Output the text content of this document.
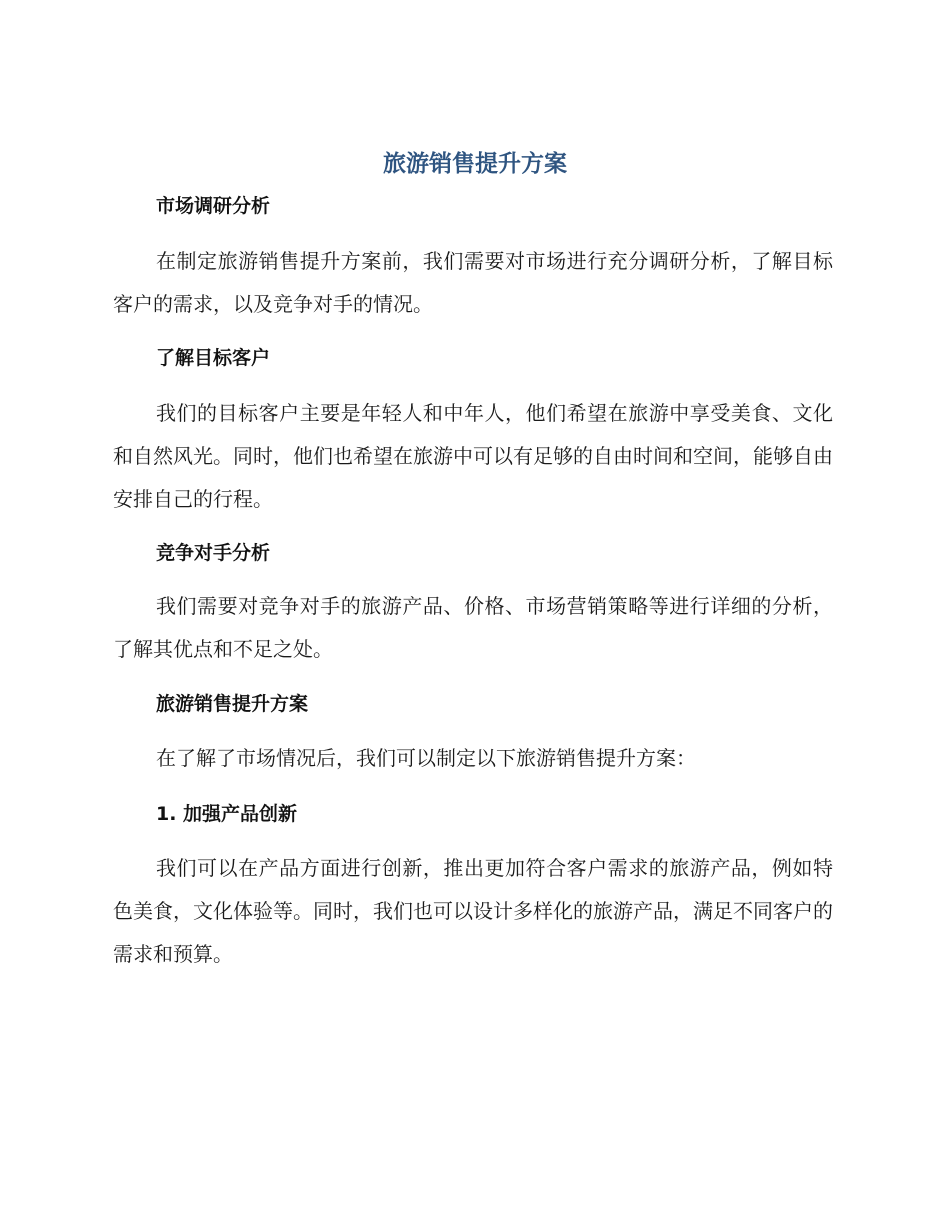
旅游销售提升方案
市场调研分析

在制定旅游销售提升方案前，我们需要对市场进行充分调研分析，了解目标客户的需求，以及竞争对手的情况。

了解目标客户

我们的目标客户主要是年轻人和中年人，他们希望在旅游中享受美食、文化和自然风光。同时，他们也希望在旅游中可以有足够的自由时间和空间，能够自由安排自己的行程。

竞争对手分析

我们需要对竞争对手的旅游产品、价格、市场营销策略等进行详细的分析，了解其优点和不足之处。

旅游销售提升方案

在了解了市场情况后，我们可以制定以下旅游销售提升方案：

1. 加强产品创新

我们可以在产品方面进行创新，推出更加符合客户需求的旅游产品，例如特色美食，文化体验等。同时，我们也可以设计多样化的旅游产品，满足不同客户的需求和预算。
